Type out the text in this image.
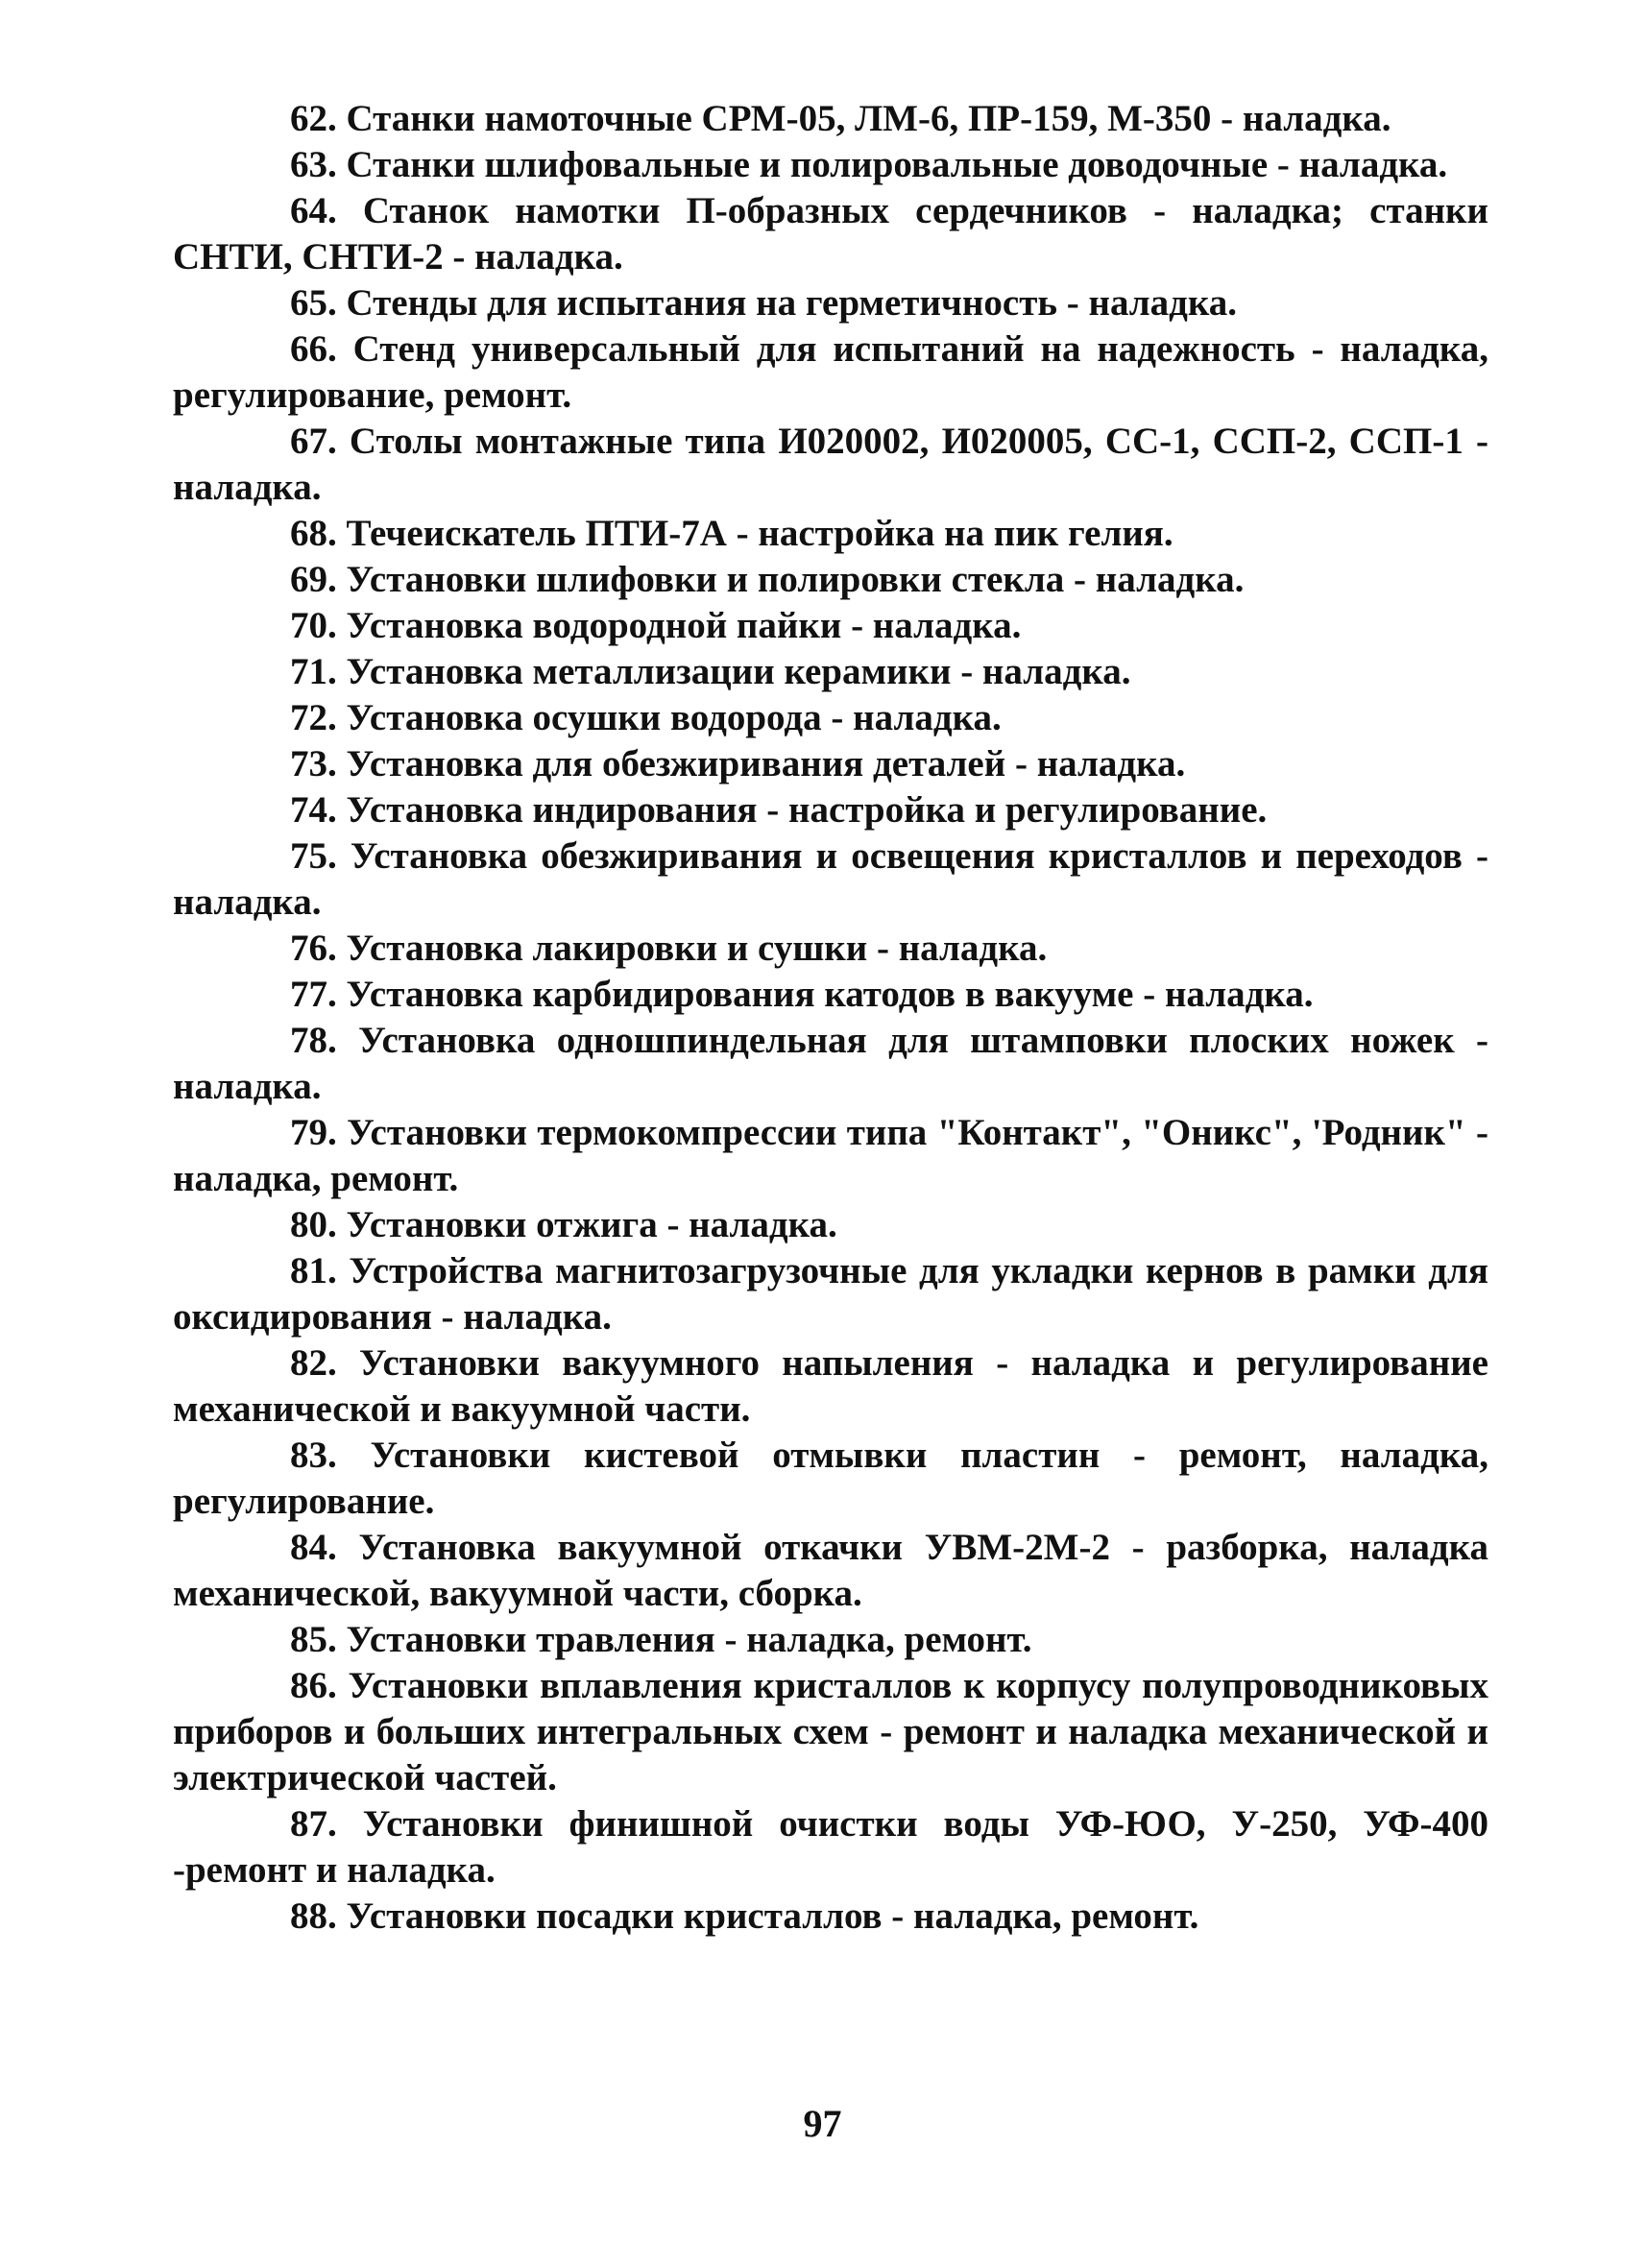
62. Станки намоточные СРМ-05, ЛМ-6, ПР-159, М-350 - наладка.

63. Станки шлифовальные и полировальные доводочные - наладка.

64. Станок намотки П-образных сердечников - наладка; станки СНТИ, СНТИ-2 - наладка.

65. Стенды для испытания на герметичность - наладка.

66. Стенд универсальный для испытаний на надежность - наладка, регулирование, ремонт.

67. Столы монтажные типа И020002, И020005, СС-1, ССП-2, ССП-1 - наладка.

68. Течеискатель ПТИ-7А - настройка на пик гелия.

69. Установки шлифовки и полировки стекла - наладка.

70. Установка водородной пайки - наладка.

71. Установка металлизации керамики - наладка.

72. Установка осушки водорода - наладка.

73. Установка для обезжиривания деталей - наладка.

74. Установка индирования - настройка и регулирование.

75. Установка обезжиривания и освещения кристаллов и переходов - наладка.

76. Установка лакировки и сушки - наладка.

77. Установка карбидирования катодов в вакууме - наладка.

78. Установка одношпиндельная для штамповки плоских ножек - наладка.

79. Установки термокомпрессии типа "Контакт", "Оникс", 'Родник" - наладка, ремонт.

80. Установки отжига - наладка.

81. Устройства магнитозагрузочные для укладки кернов в рамки для оксидирования - наладка.

82. Установки вакуумного напыления - наладка и регулирование механической и вакуумной части.

83. Установки кистевой отмывки пластин - ремонт, наладка, регулирование.

84. Установка вакуумной откачки УВМ-2М-2 - разборка, наладка механической, вакуумной части, сборка.

85. Установки травления - наладка, ремонт.

86. Установки вплавления кристаллов к корпусу полупроводниковых приборов и больших интегральных схем - ремонт и наладка механической и электрической частей.

87. Установки финишной очистки воды УФ-ЮО, У-250, УФ-400 -ремонт и наладка.

88. Установки посадки кристаллов - наладка, ремонт.

97
